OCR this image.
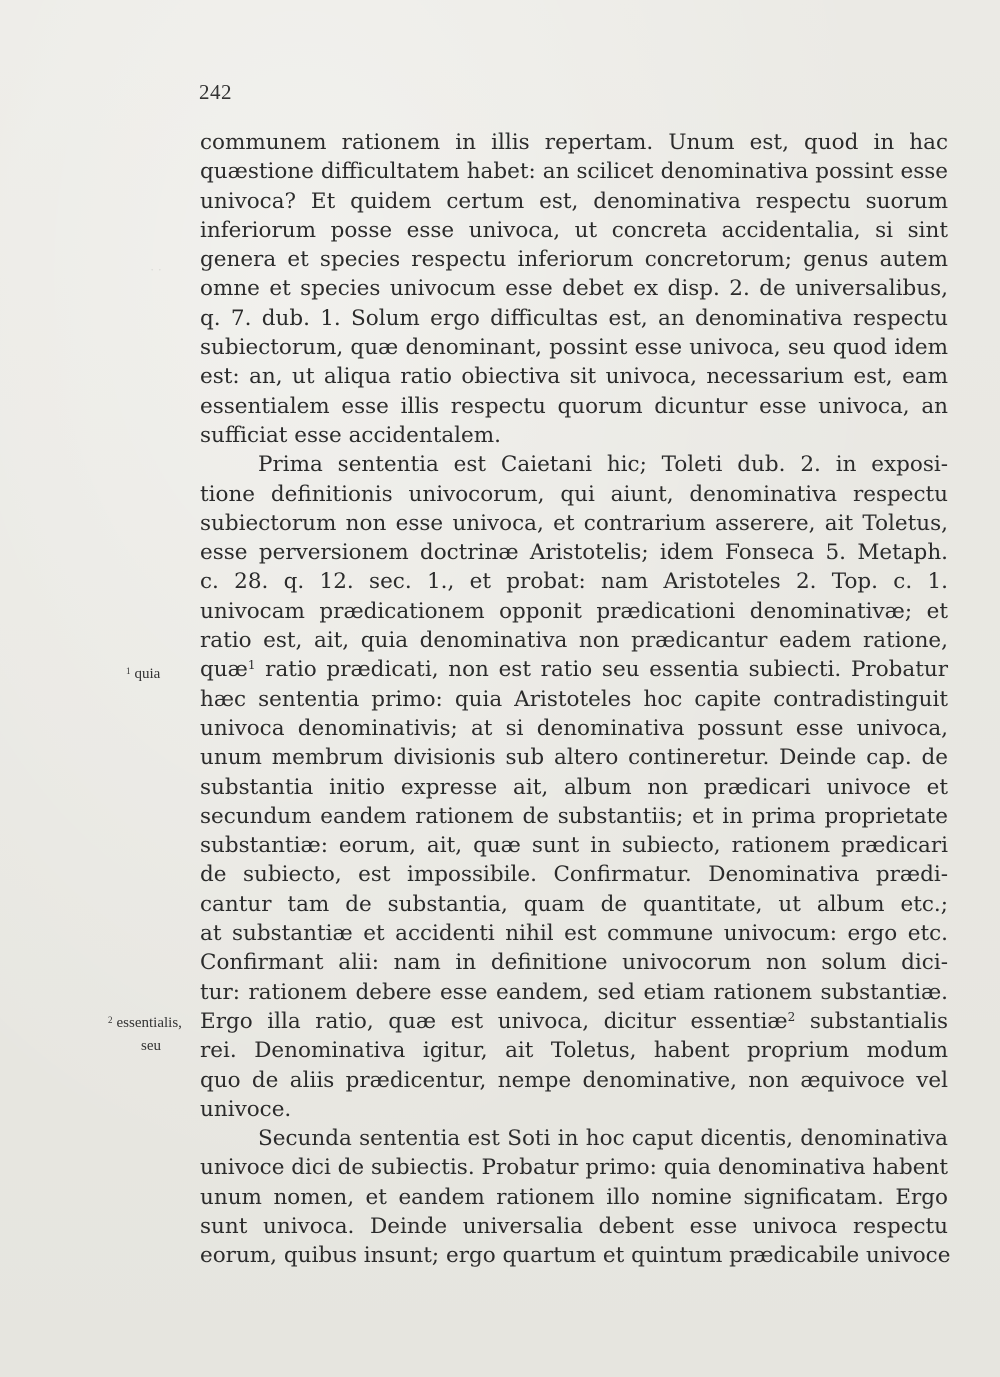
242
· ·
$^1$ quia
$^2$ essentialis,
seu
communem rationem in illis repertam. Unum est, quod in hac
quæstione difficultatem habet: an scilicet denominativa possint esse
univoca? Et quidem certum est, denominativa respectu suorum
inferiorum posse esse univoca, ut concreta accidentalia, si sint
genera et species respectu inferiorum concretorum; genus autem
omne et species univocum esse debet ex disp. 2. de universalibus,
q. 7. dub. 1. Solum ergo difficultas est, an denominativa respectu
subiectorum, quæ denominant, possint esse univoca, seu quod idem
est: an, ut aliqua ratio obiectiva sit univoca, necessarium est, eam
essentialem esse illis respectu quorum dicuntur esse univoca, an
sufficiat esse accidentalem.
Prima sententia est Caietani hic; Toleti dub. 2. in exposi-
tione definitionis univocorum, qui aiunt, denominativa respectu
subiectorum non esse univoca, et contrarium asserere, ait Toletus,
esse perversionem doctrinæ Aristotelis; idem Fonseca 5. Metaph.
c. 28. q. 12. sec. 1., et probat: nam Aristoteles 2. Top. c. 1.
univocam prædicationem opponit prædicationi denominativæ; et
ratio est, ait, quia denominativa non prædicantur eadem ratione,
quæ$^1$ ratio prædicati, non est ratio seu essentia subiecti. Probatur
hæc sententia primo: quia Aristoteles hoc capite contradistinguit
univoca denominativis; at si denominativa possunt esse univoca,
unum membrum divisionis sub altero contineretur. Deinde cap. de
substantia initio expresse ait, album non prædicari univoce et
secundum eandem rationem de substantiis; et in prima proprietate
substantiæ: eorum, ait, quæ sunt in subiecto, rationem prædicari
de subiecto, est impossibile. Confirmatur. Denominativa prædi-
cantur tam de substantia, quam de quantitate, ut album etc.;
at substantiæ et accidenti nihil est commune univocum: ergo etc.
Confirmant alii: nam in definitione univocorum non solum dici-
tur: rationem debere esse eandem, sed etiam rationem substantiæ.
Ergo illa ratio, quæ est univoca, dicitur essentiæ$^2$ substantialis
rei. Denominativa igitur, ait Toletus, habent proprium modum
quo de aliis prædicentur, nempe denominative, non æquivoce vel
univoce.
Secunda sententia est Soti in hoc caput dicentis, denominativa
univoce dici de subiectis. Probatur primo: quia denominativa habent
unum nomen, et eandem rationem illo nomine significatam. Ergo
sunt univoca. Deinde universalia debent esse univoca respectu
eorum, quibus insunt; ergo quartum et quintum prædicabile univoce
